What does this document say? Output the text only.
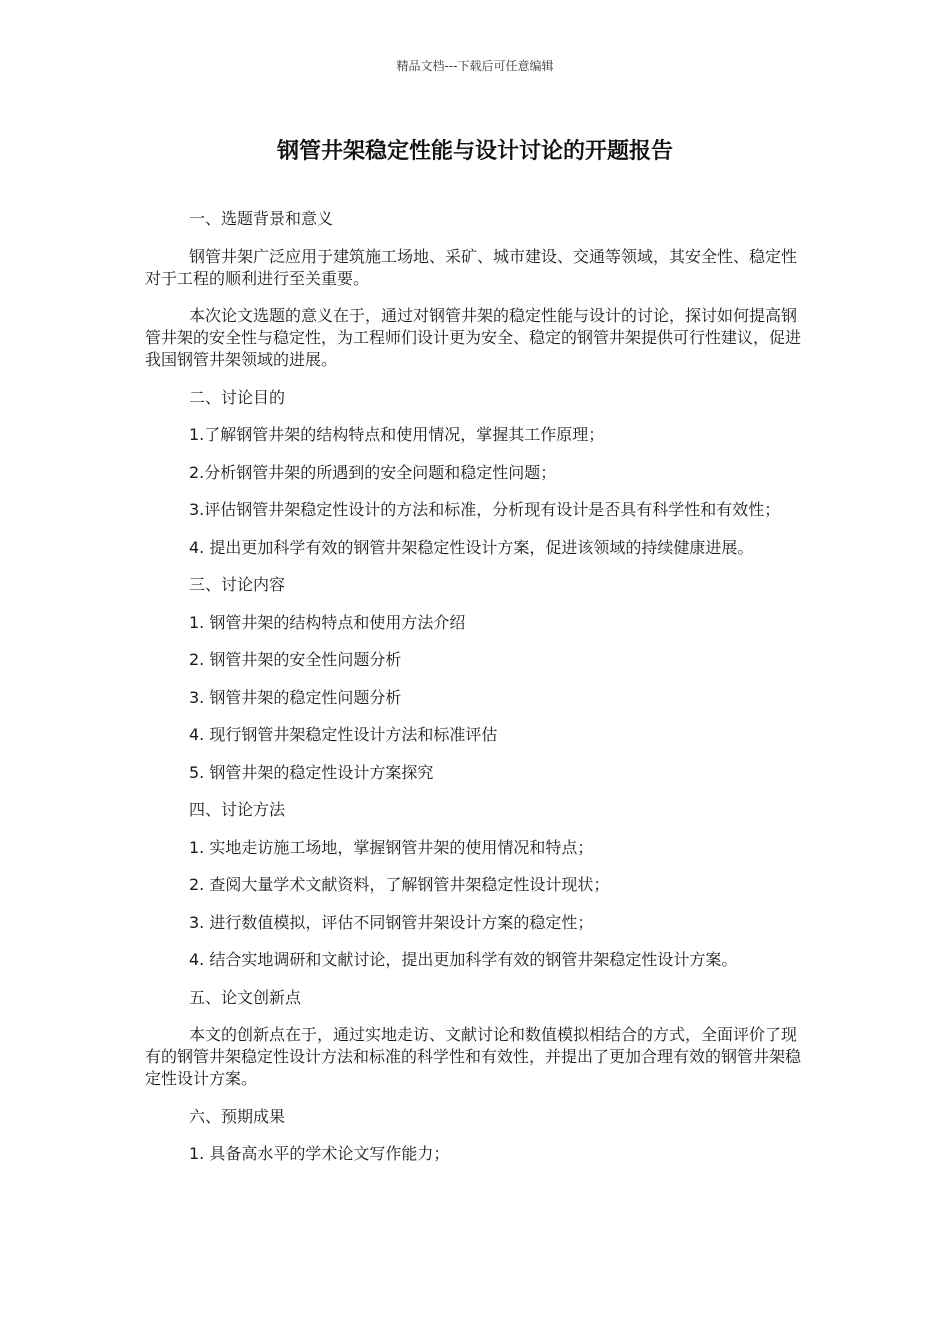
精品文档---下载后可任意编辑
钢管井架稳定性能与设计讨论的开题报告

一、选题背景和意义

钢管井架广泛应用于建筑施工场地、采矿、城市建设、交通等领域，其安全性、稳定性对于工程的顺利进行至关重要。

本次论文选题的意义在于，通过对钢管井架的稳定性能与设计的讨论，探讨如何提高钢管井架的安全性与稳定性，为工程师们设计更为安全、稳定的钢管井架提供可行性建议，促进我国钢管井架领域的进展。

二、讨论目的

1.了解钢管井架的结构特点和使用情况，掌握其工作原理；

2.分析钢管井架的所遇到的安全问题和稳定性问题；

3.评估钢管井架稳定性设计的方法和标准，分析现有设计是否具有科学性和有效性；

4. 提出更加科学有效的钢管井架稳定性设计方案，促进该领域的持续健康进展。

三、讨论内容

1. 钢管井架的结构特点和使用方法介绍

2. 钢管井架的安全性问题分析

3. 钢管井架的稳定性问题分析

4. 现行钢管井架稳定性设计方法和标准评估

5. 钢管井架的稳定性设计方案探究

四、讨论方法

1. 实地走访施工场地，掌握钢管井架的使用情况和特点；

2. 查阅大量学术文献资料，了解钢管井架稳定性设计现状；

3. 进行数值模拟，评估不同钢管井架设计方案的稳定性；

4. 结合实地调研和文献讨论，提出更加科学有效的钢管井架稳定性设计方案。

五、论文创新点

本文的创新点在于，通过实地走访、文献讨论和数值模拟相结合的方式，全面评价了现有的钢管井架稳定性设计方法和标准的科学性和有效性，并提出了更加合理有效的钢管井架稳定性设计方案。

六、预期成果

1. 具备高水平的学术论文写作能力；
